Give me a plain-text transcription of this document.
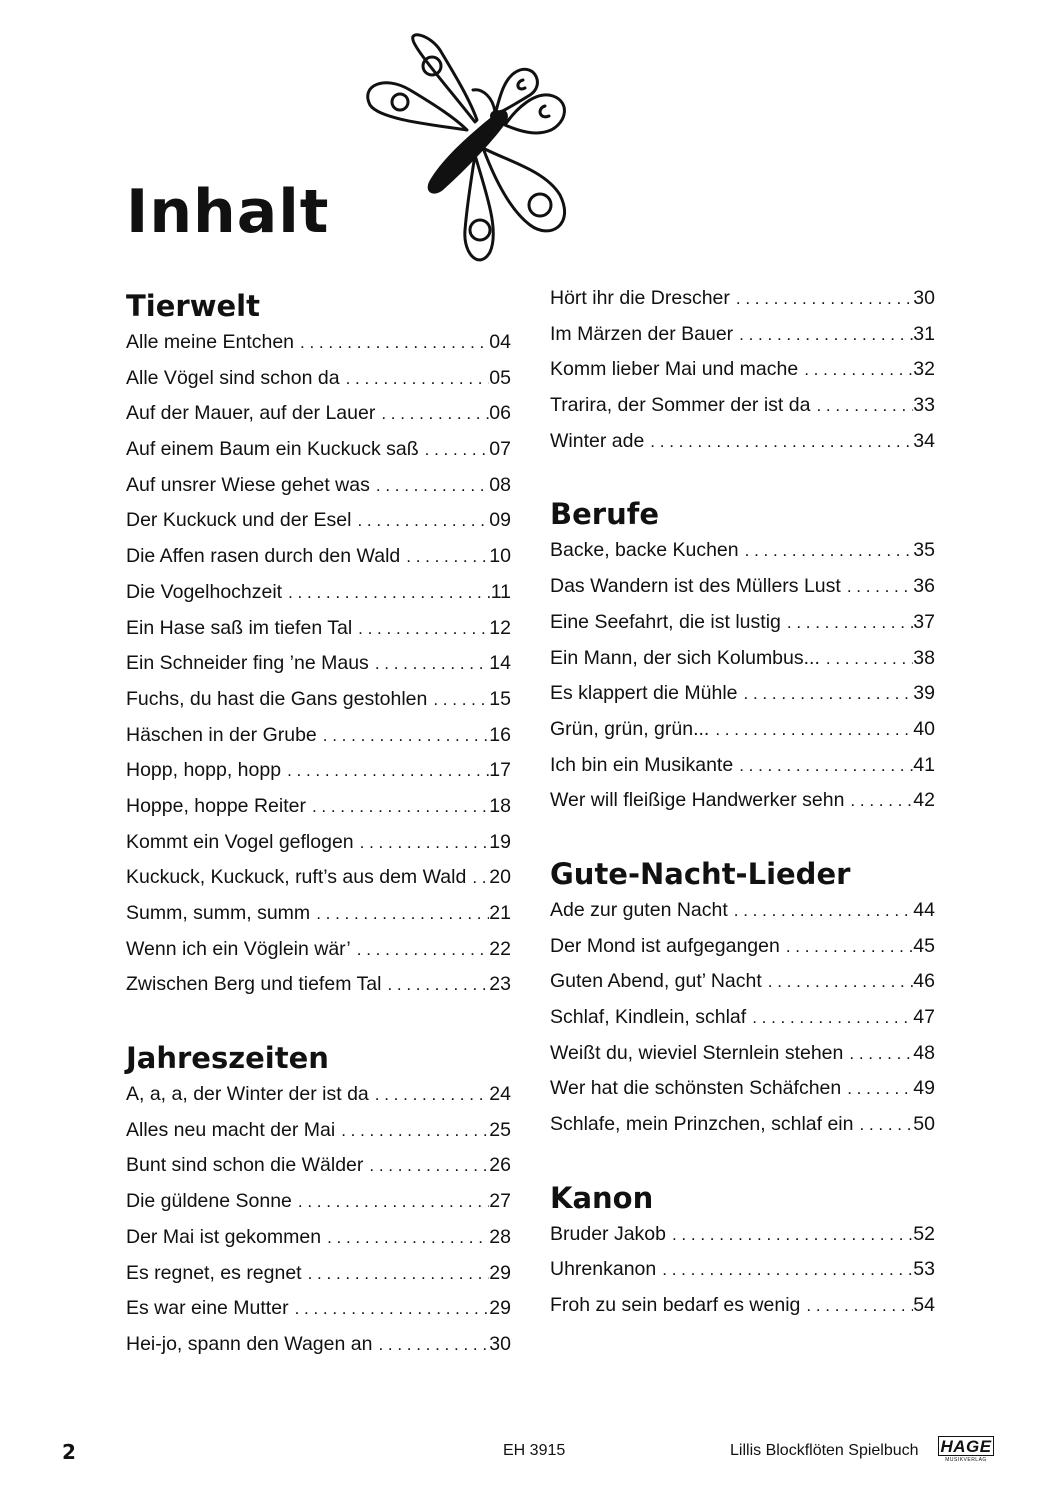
Inhalt
Tierwelt
Alle meine Entchen . . .	04
Alle Vögel sind schon da . . .	05
Auf der Mauer, auf der Lauer . . .	06
Auf einem Baum ein Kuckuck saß . . .	07
Auf unsrer Wiese gehet was . . .	08
Der Kuckuck und der Esel . . .	09
Die Affen rasen durch den Wald . . .	10
Die Vogelhochzeit . . .	11
Ein Hase saß im tiefen Tal . . .	12
Ein Schneider fing ’ne Maus . . .	14
Fuchs, du hast die Gans gestohlen . . .	15
Häschen in der Grube . . .	16
Hopp, hopp, hopp . . .	17
Hoppe, hoppe Reiter . . .	18
Kommt ein Vogel geflogen . . .	19
Kuckuck, Kuckuck, ruft’s aus dem Wald . . . 20
Summ, summ, summ . . .	21
Wenn ich ein Vöglein wär’ . . .	22
Zwischen Berg und tiefem Tal . . .	23
Jahreszeiten
A, a, a, der Winter der ist da . . .	24
Alles neu macht der Mai . . .	25
Bunt sind schon die Wälder . . .	26
Die güldene Sonne . . .	27
Der Mai ist gekommen . . .	28
Es regnet, es regnet . . .	29
Es war eine Mutter . . .	29
Hei-jo, spann den Wagen an . . .	30
Hört ihr die Drescher . . .	30
Im Märzen der Bauer . . .	31
Komm lieber Mai und mache . . .	32
Trarira, der Sommer der ist da . . .	33
Winter ade . . .	34
Berufe
Backe, backe Kuchen . . .	35
Das Wandern ist des Müllers Lust . . .	36
Eine Seefahrt, die ist lustig . . .	37
Ein Mann, der sich Kolumbus... . . .	38
Es klappert die Mühle . . .	39
Grün, grün, grün... . . .	40
Ich bin ein Musikante . . .	41
Wer will fleißige Handwerker sehn . . .	42
Gute-Nacht-Lieder
Ade zur guten Nacht . . .	44
Der Mond ist aufgegangen . . .	45
Guten Abend, gut’ Nacht . . .	46
Schlaf, Kindlein, schlaf . . .	47
Weißt du, wieviel Sternlein stehen . . .	48
Wer hat die schönsten Schäfchen . . .	49
Schlafe, mein Prinzchen, schlaf ein . . .	50
Kanon
Bruder Jakob . . .	52
Uhrenkanon . . .	53
Froh zu sein bedarf es wenig . . .	54
2	EH 3915	Lillis Blockflöten Spielbuch HAGE
MUSIKVERLAG
